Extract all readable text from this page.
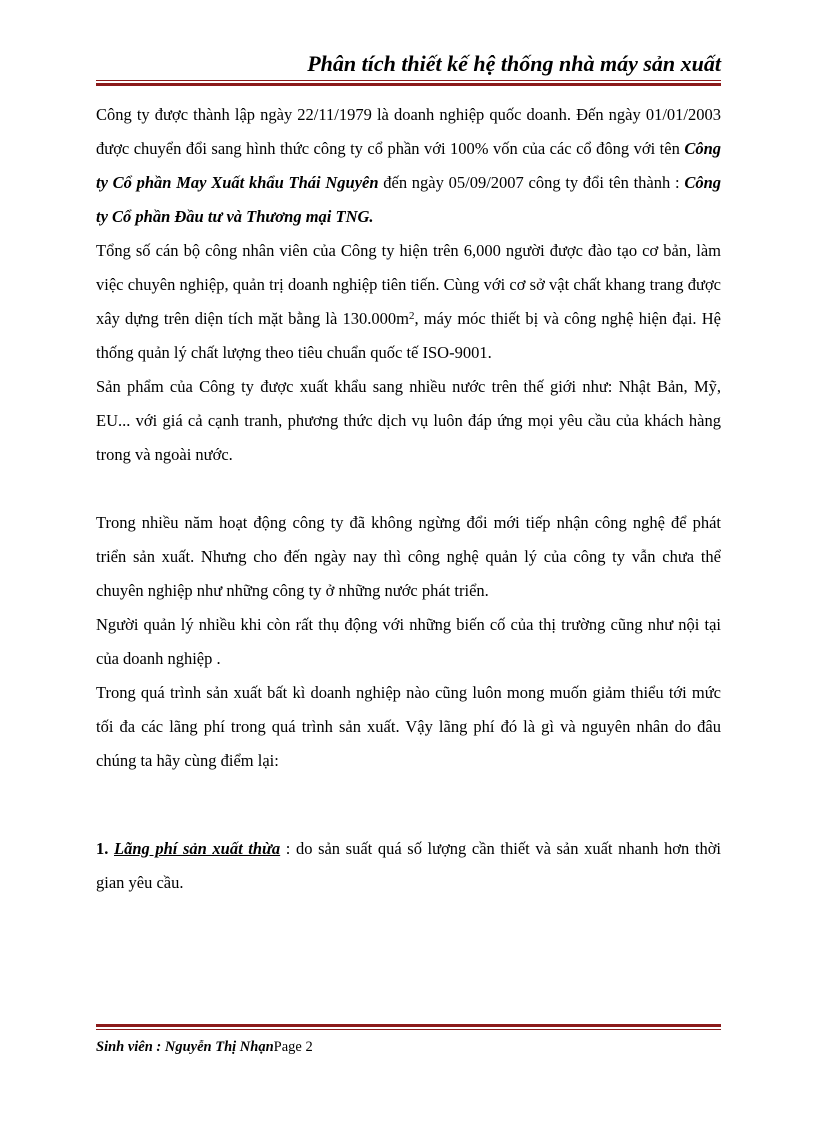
Phân tích thiết kế hệ thống nhà máy sản xuất

Công ty được thành lập ngày 22/11/1979 là doanh nghiệp quốc doanh. Đến ngày 01/01/2003 được chuyển đổi sang hình thức công ty cổ phần với 100% vốn của các cổ đông với tên Công ty Cổ phần May Xuất khẩu Thái Nguyên đến ngày 05/09/2007 công ty đổi tên thành : Công ty Cổ phần Đầu tư và Thương mại TNG.

Tổng số cán bộ công nhân viên của Công ty hiện trên 6,000 người được đào tạo cơ bản, làm việc chuyên nghiệp, quản trị doanh nghiệp tiên tiến. Cùng với cơ sở vật chất khang trang được xây dựng trên diện tích mặt bằng là $130.000m^2$, máy móc thiết bị và công nghệ hiện đại. Hệ thống quản lý chất lượng theo tiêu chuẩn quốc tế ISO-9001.

Sản phẩm của Công ty được xuất khẩu sang nhiều nước trên thế giới như: Nhật Bản, Mỹ, EU... với giá cả cạnh tranh, phương thức dịch vụ luôn đáp ứng mọi yêu cầu của khách hàng trong và ngoài nước.

Trong nhiều năm hoạt động công ty đã không ngừng đổi mới tiếp nhận công nghệ để phát triển sản xuất. Nhưng cho đến ngày nay thì công nghệ quản lý của công ty vẫn chưa thể chuyên nghiệp như những công ty ở những nước phát triển.

Người quản lý nhiều khi còn rất thụ động với những biến cố của thị trường cũng như nội tại của doanh nghiệp .

Trong quá trình sản xuất bất kì doanh nghiệp nào cũng luôn mong muốn giảm thiểu tới mức tối đa các lãng phí trong quá trình sản xuất. Vậy lãng phí đó là gì và nguyên nhân do đâu chúng ta hãy cùng điểm lại:

1. Lãng phí sản xuất thừa : do sản suất quá số lượng cần thiết và sản xuất nhanh hơn thời gian yêu cầu.

Sinh viên : Nguyễn Thị NhạnPage 2
